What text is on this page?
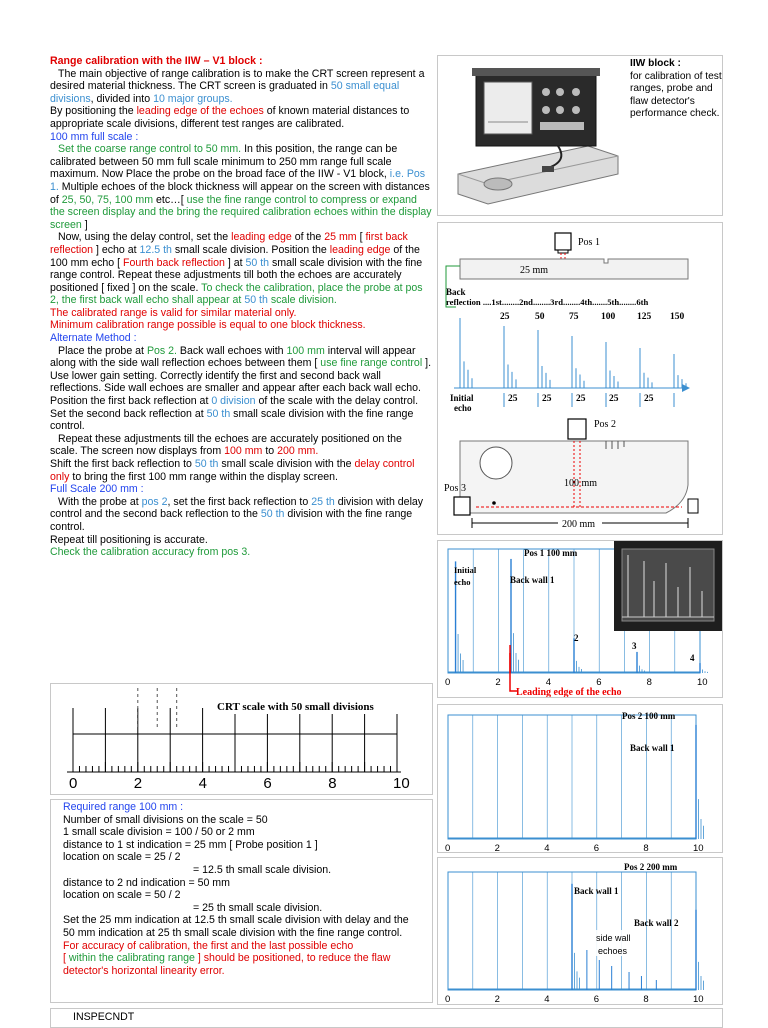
Range calibration with the IIW – V1 block :

The main objective of range calibration is to make the CRT screen represent a desired material thickness. The CRT screen is graduated in 50 small equal divisions, divided into 10 major groups.

By positioning the leading edge of the echoes of known material distances to appropriate scale divisions, different test ranges are calibrated.

100 mm full scale :

Set the coarse range control to 50 mm. In this position, the range can be calibrated between 50 mm full scale minimum to 250 mm range full scale maximum. Now Place the probe on the broad face of the IIW - V1 block, i.e. Pos 1. Multiple echoes of the block thickness will appear on the screen with distances of 25, 50, 75, 100 mm etc…[ use the fine range control to compress or expand the screen display and the bring the required calibration echoes within the display screen ]

Now, using the delay control, set the leading edge of the 25 mm [ first back reflection ] echo at 12.5 th small scale division. Position the leading edge of the 100 mm echo [ Fourth back reflection ] at 50 th small scale division with the fine range control. Repeat these adjustments till both the echoes are accurately positioned [ fixed ] on the scale. To check the calibration, place the probe at pos 2, the first back wall echo shall appear at 50 th scale division.

The calibrated range is valid for similar material only.

Minimum calibration range possible is equal to one block thickness.

Alternate Method :

Place the probe at Pos 2. Back wall echoes with 100 mm interval will appear along with the side wall reflection echoes between them [ use fine range control ]. Use lower gain setting. Correctly identify the first and second back wall reflections. Side wall echoes are smaller and appear after each back wall echo. Position the first back reflection at 0 division of the scale with the delay control. Set the second back reflection at 50 th small scale division with the fine range control.

Repeat these adjustments till the echoes are accurately positioned on the scale. The screen now displays from 100 mm to 200 mm.

Shift the first back reflection to 50 th small scale division with the delay control only to bring the first 100 mm range within the display screen.

Full Scale 200 mm :

With the probe at pos 2, set the first back reflection to 25 th division with delay control and the second back reflection to the 50 th division with the fine range control.

Repeat till positioning is accurate.

Check the calibration accuracy from pos 3.

IIW block :
for calibration of test ranges, probe and flaw detector's performance check.
Pos 1
25 mm
Back
reflection ....1st........2nd........3rd........4th.......5th........6th
25	50	75 100 125 150
Initial
echo
25	25	25 25	25
Pos 2
100 mm
Pos 3
200 mm
Pos 1 100 mm
Initial
echo	Back wall 1
2
3
4
0	2	4	6	8	10
Leading edge of the echo
CRT scale with 50 small divisions
0	2	4	6	8	10
Pos 2 100 mm
Back wall 1
0	2	4	6	8	10

Required range 100 mm :

Number of small divisions on the scale = 50

1 small scale division = 100 / 50 or 2 mm

distance to 1 st indication = 25 mm [ Probe position 1 ]

location on scale = 25 / 2

= 12.5 th small scale division.

distance to 2 nd indication = 50 mm

location on scale = 50 / 2

= 25 th small scale division.

Set the 25 mm indication at 12.5 th small scale division with delay and the 50 mm indication at 25 th small scale division with the fine range control.

For accuracy of calibration, the first and the last possible echo

[ within the calibrating range ] should be positioned, to reduce the flaw detector's horizontal linearity error.

Pos 2 200 mm
Back wall 1
Back wall 2
side wall
echoes
0	2	4	6	8	10
INSPECNDT
